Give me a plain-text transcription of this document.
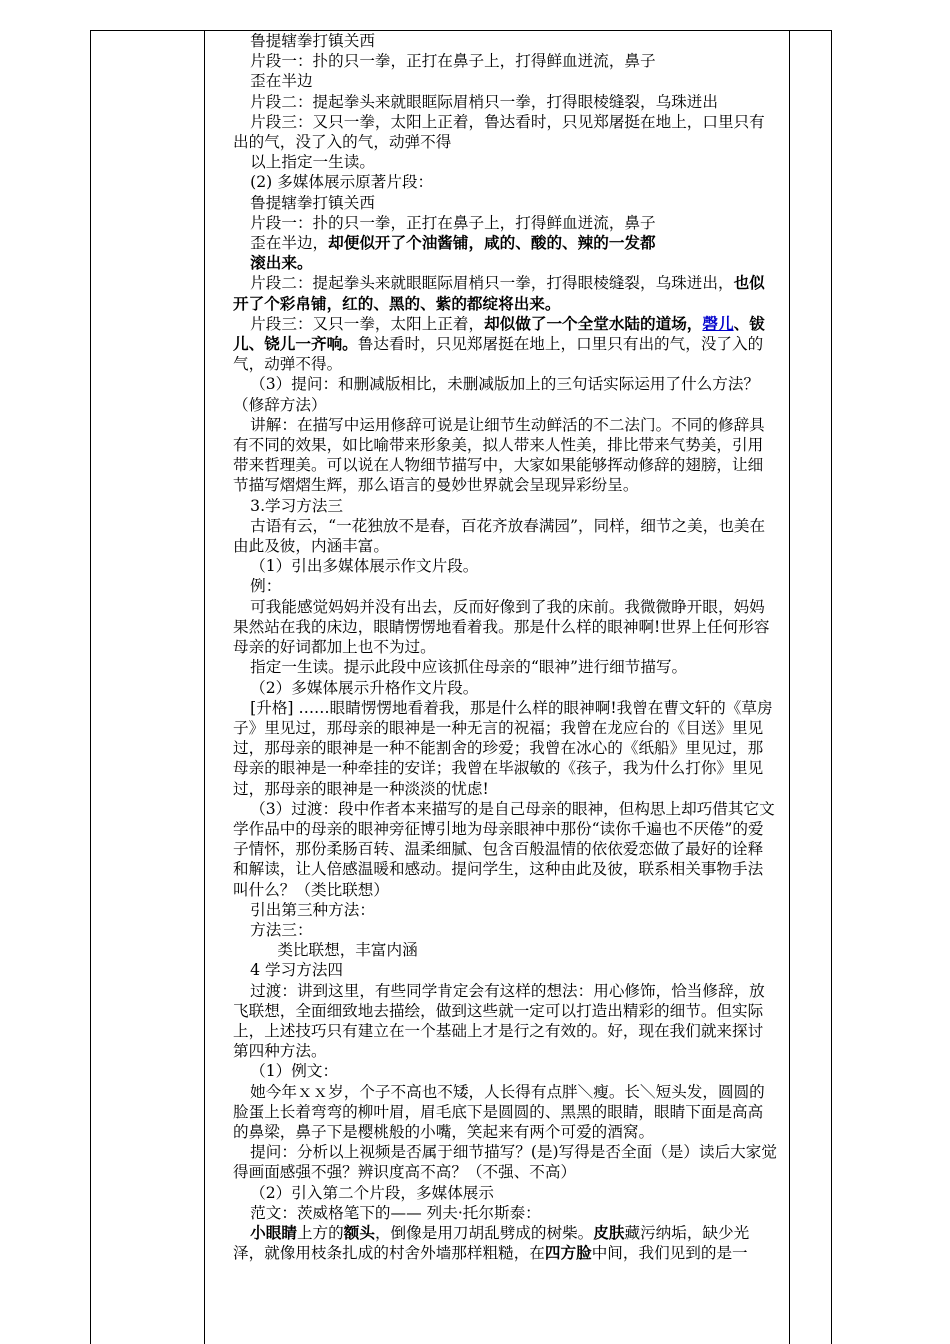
鲁提辖拳打镇关西

片段一：扑的只一拳，正打在鼻子上，打得鲜血迸流，鼻子

歪在半边

片段二：提起拳头来就眼眶际眉梢只一拳，打得眼棱缝裂，乌珠迸出

片段三：又只一拳，太阳上正着，鲁达看时，只见郑屠挺在地上，口里只有出的气，没了入的气，动弹不得

以上指定一生读。

(2) 多媒体展示原著片段：

鲁提辖拳打镇关西

片段一：扑的只一拳，正打在鼻子上，打得鲜血迸流，鼻子

歪在半边，却便似开了个油酱铺，咸的、酸的、辣的一发都

滚出来。

片段二：提起拳头来就眼眶际眉梢只一拳，打得眼棱缝裂，乌珠迸出，也似开了个彩帛铺，红的、黑的、紫的都绽将出来。

片段三：又只一拳，太阳上正着，却似做了一个全堂水陆的道场，磬儿、钹儿、铙儿一齐响。鲁达看时，只见郑屠挺在地上，口里只有出的气，没了入的气，动弹不得。

（3）提问：和删减版相比，未删减版加上的三句话实际运用了什么方法？（修辞方法）

讲解：在描写中运用修辞可说是让细节生动鲜活的不二法门。不同的修辞具有不同的效果，如比喻带来形象美，拟人带来人性美，排比带来气势美，引用带来哲理美。可以说在人物细节描写中，大家如果能够挥动修辞的翅膀，让细节描写熠熠生辉，那么语言的曼妙世界就会呈现异彩纷呈。

3.学习方法三

古语有云，“一花独放不是春，百花齐放春满园”，同样，细节之美，也美在由此及彼，内涵丰富。

（1）引出多媒体展示作文片段。

例：

可我能感觉妈妈并没有出去，反而好像到了我的床前。我微微睁开眼，妈妈果然站在我的床边，眼睛愣愣地看着我。那是什么样的眼神啊!世界上任何形容母亲的好词都加上也不为过。

指定一生读。提示此段中应该抓住母亲的“眼神”进行细节描写。

（2）多媒体展示升格作文片段。

[升格] ……眼睛愣愣地看着我，那是什么样的眼神啊!我曾在曹文轩的《草房子》里见过，那母亲的眼神是一种无言的祝福；我曾在龙应台的《目送》里见过，那母亲的眼神是一种不能割舍的珍爱；我曾在冰心的《纸船》里见过，那母亲的眼神是一种牵挂的安详；我曾在毕淑敏的《孩子，我为什么打你》里见过，那母亲的眼神是一种淡淡的忧虑!

（3）过渡：段中作者本来描写的是自己母亲的眼神，但构思上却巧借其它文学作品中的母亲的眼神旁征博引地为母亲眼神中那份“读你千遍也不厌倦”的爱子情怀，那份柔肠百转、温柔细腻、包含百般温情的依依爱恋做了最好的诠释和解读，让人倍感温暖和感动。提问学生，这种由此及彼，联系相关事物手法叫什么？（类比联想）

引出第三种方法：

方法三：

类比联想，丰富内涵

4 学习方法四

过渡：讲到这里，有些同学肯定会有这样的想法：用心修饰，恰当修辞，放飞联想，全面细致地去描绘，做到这些就一定可以打造出精彩的细节。但实际上，上述技巧只有建立在一个基础上才是行之有效的。好，现在我们就来探讨第四种方法。

（1）例文：

她今年ｘｘ岁，个子不高也不矮，人长得有点胖＼瘦。长＼短头发，圆圆的脸蛋上长着弯弯的柳叶眉，眉毛底下是圆圆的、黑黑的眼睛，眼睛下面是高高的鼻梁，鼻子下是樱桃般的小嘴，笑起来有两个可爱的酒窝。

提问：分析以上视频是否属于细节描写？(是)写得是否全面（是）读后大家觉得画面感强不强？辨识度高不高？（不强、不高）

（2）引入第二个片段，多媒体展示

范文：茨威格笔下的—— 列夫·托尔斯泰：

小眼睛上方的额头，倒像是用刀胡乱劈成的树柴。皮肤藏污纳垢，缺少光泽，就像用枝条扎成的村舍外墙那样粗糙，在四方脸中间，我们见到的是一
